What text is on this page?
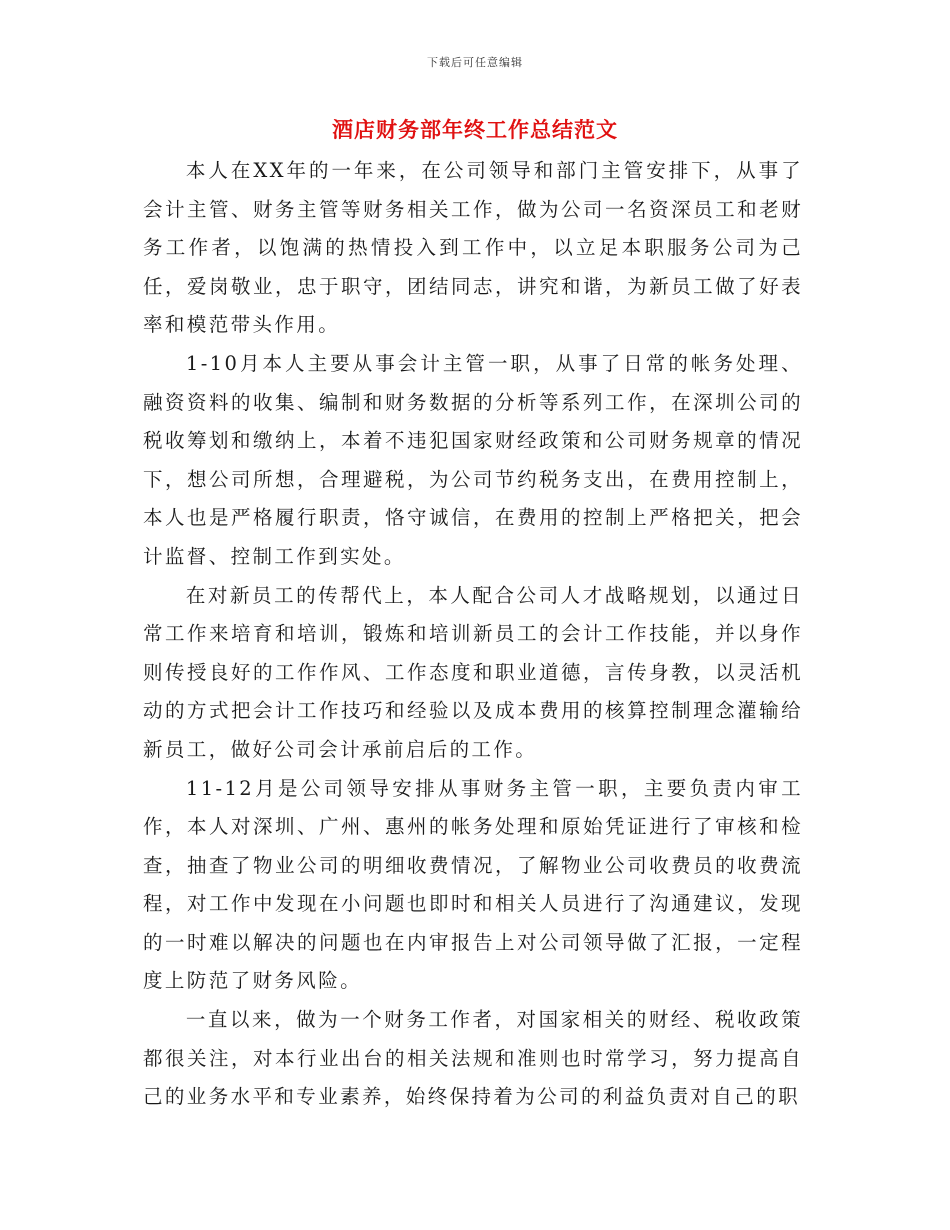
下载后可任意编辑
酒店财务部年终工作总结范文

本人在XX年的一年来，在公司领导和部门主管安排下，从事了会计主管、财务主管等财务相关工作，做为公司一名资深员工和老财务工作者，以饱满的热情投入到工作中，以立足本职服务公司为己任，爱岗敬业，忠于职守，团结同志，讲究和谐，为新员工做了好表率和模范带头作用。

1-10月本人主要从事会计主管一职，从事了日常的帐务处理、融资资料的收集、编制和财务数据的分析等系列工作，在深圳公司的税收筹划和缴纳上，本着不违犯国家财经政策和公司财务规章的情况下，想公司所想，合理避税，为公司节约税务支出，在费用控制上，本人也是严格履行职责，恪守诚信，在费用的控制上严格把关，把会计监督、控制工作到实处。

在对新员工的传帮代上，本人配合公司人才战略规划，以通过日常工作来培育和培训，锻炼和培训新员工的会计工作技能，并以身作则传授良好的工作作风、工作态度和职业道德，言传身教，以灵活机动的方式把会计工作技巧和经验以及成本费用的核算控制理念灌输给新员工，做好公司会计承前启后的工作。

11-12月是公司领导安排从事财务主管一职，主要负责内审工作，本人对深圳、广州、惠州的帐务处理和原始凭证进行了审核和检查，抽查了物业公司的明细收费情况，了解物业公司收费员的收费流程，对工作中发现在小问题也即时和相关人员进行了沟通建议，发现的一时难以解决的问题也在内审报告上对公司领导做了汇报，一定程度上防范了财务风险。

一直以来，做为一个财务工作者，对国家相关的财经、税收政策都很关注，对本行业出台的相关法规和准则也时常学习，努力提高自己的业务水平和专业素养，始终保持着为公司的利益负责对自己的职
